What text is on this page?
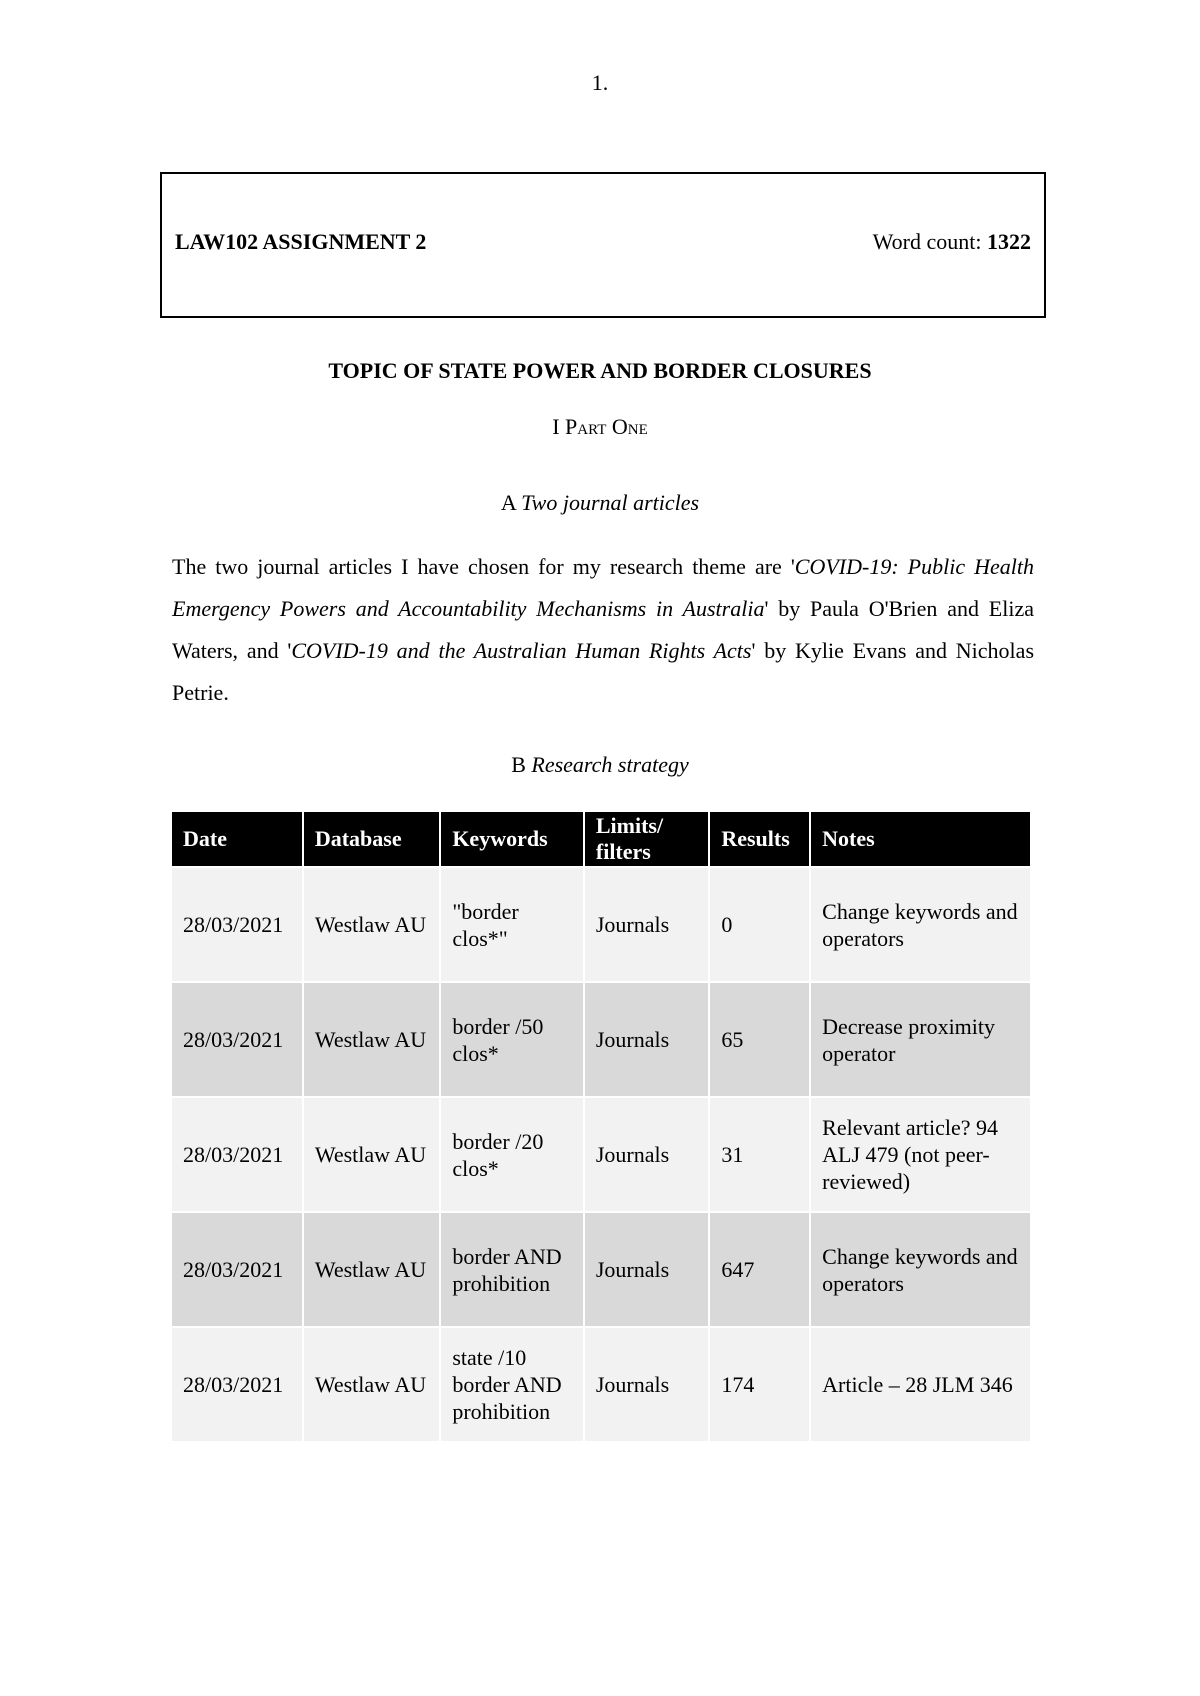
1.
LAW102 ASSIGNMENT 2	Word count: 1322
TOPIC OF STATE POWER AND BORDER CLOSURES
I Part One
A Two journal articles
The two journal articles I have chosen for my research theme are 'COVID-19: Public Health Emergency Powers and Accountability Mechanisms in Australia' by Paula O'Brien and Eliza Waters, and 'COVID-19 and the Australian Human Rights Acts' by Kylie Evans and Nicholas Petrie.
B Research strategy
Date	Database	Keywords	Limits/ filters	Results	Notes
28/03/2021	Westlaw AU	"border clos*"	Journals	0	Change keywords and operators
28/03/2021	Westlaw AU	border /50 clos*	Journals	65	Decrease proximity operator
28/03/2021	Westlaw AU	border /20 clos*	Journals	31	Relevant article? 94 ALJ 479 (not peer-reviewed)
28/03/2021	Westlaw AU	border AND prohibition	Journals	647	Change keywords and operators
28/03/2021	Westlaw AU	state /10 border AND prohibition	Journals	174	Article – 28 JLM 346
